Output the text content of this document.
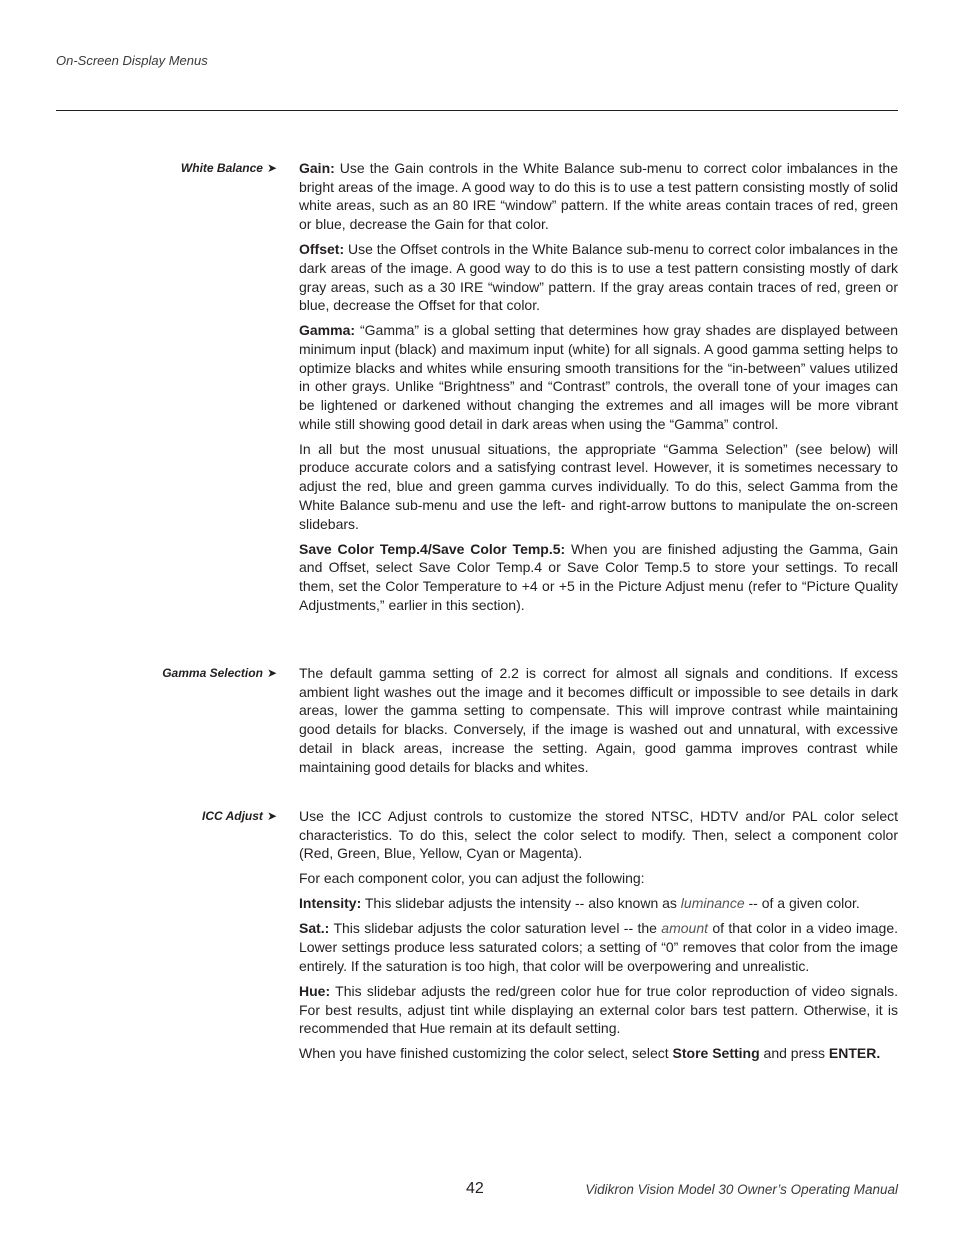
On-Screen Display Menus
White Balance ➤ Gain: Use the Gain controls in the White Balance sub-menu to correct color imbalances in the bright areas of the image. A good way to do this is to use a test pattern consisting mostly of solid white areas, such as an 80 IRE “window” pattern. If the white areas contain traces of red, green or blue, decrease the Gain for that color.

Offset: Use the Offset controls in the White Balance sub-menu to correct color imbalances in the dark areas of the image. A good way to do this is to use a test pattern consisting mostly of dark gray areas, such as a 30 IRE “window” pattern. If the gray areas contain traces of red, green or blue, decrease the Offset for that color.

Gamma: “Gamma” is a global setting that determines how gray shades are displayed between minimum input (black) and maximum input (white) for all signals. A good gamma setting helps to optimize blacks and whites while ensuring smooth transitions for the “in-between” values utilized in other grays. Unlike “Brightness” and “Contrast” controls, the overall tone of your images can be lightened or darkened without changing the extremes and all images will be more vibrant while still showing good detail in dark areas when using the “Gamma” control.

In all but the most unusual situations, the appropriate “Gamma Selection” (see below) will produce accurate colors and a satisfying contrast level. However, it is sometimes necessary to adjust the red, blue and green gamma curves individually. To do this, select Gamma from the White Balance sub-menu and use the left- and right-arrow buttons to manipulate the on-screen slidebars.

Save Color Temp.4/Save Color Temp.5: When you are finished adjusting the Gamma, Gain and Offset, select Save Color Temp.4 or Save Color Temp.5 to store your settings. To recall them, set the Color Temperature to +4 or +5 in the Picture Adjust menu (refer to “Picture Quality Adjustments,” earlier in this section).

Gamma Selection ➤ The default gamma setting of 2.2 is correct for almost all signals and conditions. If excess ambient light washes out the image and it becomes difficult or impossible to see details in dark areas, lower the gamma setting to compensate. This will improve contrast while maintaining good details for blacks. Conversely, if the image is washed out and unnatural, with excessive detail in black areas, increase the setting. Again, good gamma improves contrast while maintaining good details for blacks and whites.

ICC Adjust ➤ Use the ICC Adjust controls to customize the stored NTSC, HDTV and/or PAL color select characteristics. To do this, select the color select to modify. Then, select a component color (Red, Green, Blue, Yellow, Cyan or Magenta).

For each component color, you can adjust the following:

Intensity: This slidebar adjusts the intensity -- also known as luminance -- of a given color.

Sat.: This slidebar adjusts the color saturation level -- the amount of that color in a video image. Lower settings produce less saturated colors; a setting of “0” removes that color from the image entirely. If the saturation is too high, that color will be overpowering and unrealistic.

Hue: This slidebar adjusts the red/green color hue for true color reproduction of video signals. For best results, adjust tint while displaying an external color bars test pattern. Otherwise, it is recommended that Hue remain at its default setting.

When you have finished customizing the color select, select Store Setting and press ENTER.

42	Vidikron Vision Model 30 Owner’s Operating Manual
